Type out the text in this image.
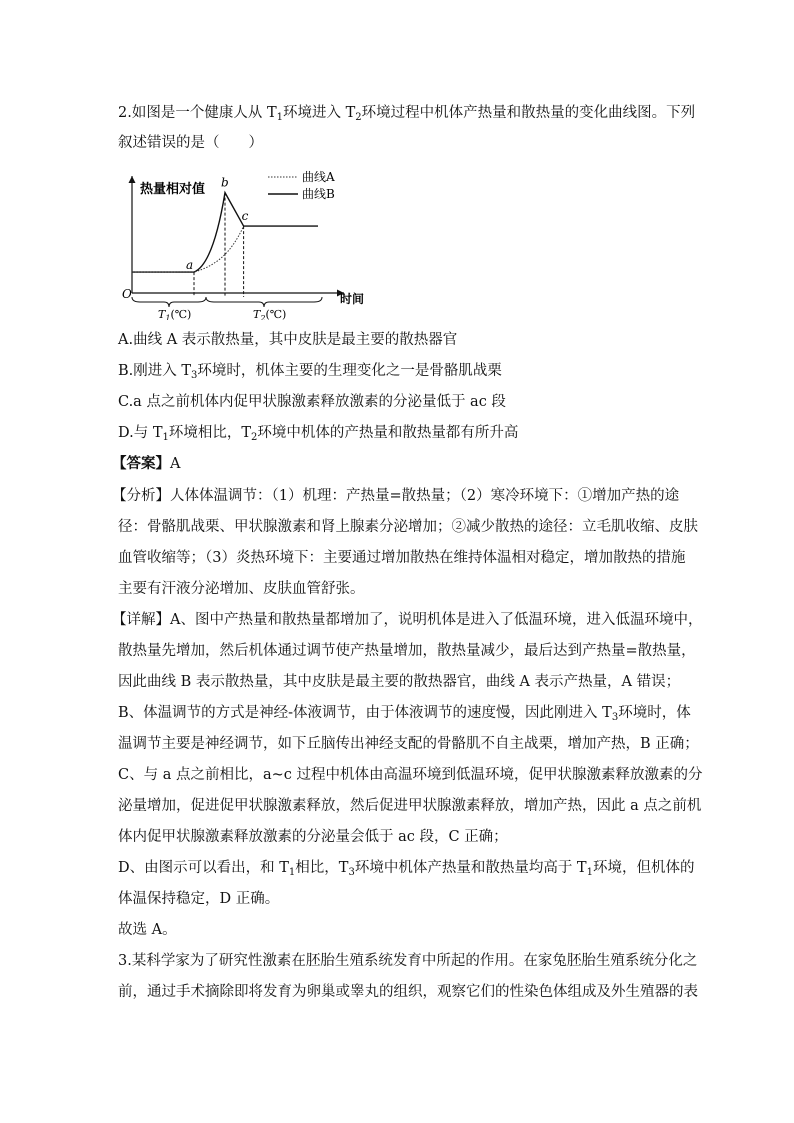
2.如图是一个健康人从 $T_1$环境进入 $T_2$环境过程中机体产热量和散热量的变化曲线图。下列
叙述错误的是（　　）
热量相对值
时间
O
a
b
c
曲线A
曲线B
$T_1(℃)$	$T_2(℃)$
A.曲线 A 表示散热量，其中皮肤是最主要的散热器官
B.刚进入 $T_3$环境时，机体主要的生理变化之一是骨骼肌战栗
C.a 点之前机体内促甲状腺激素释放激素的分泌量低于 ac 段
D.与 $T_1$环境相比，$T_2$环境中机体的产热量和散热量都有所升高
【答案】A
【分析】人体体温调节：（1）机理：产热量=散热量；（2）寒冷环境下：①增加产热的途
径：骨骼肌战栗、甲状腺激素和肾上腺素分泌增加；②减少散热的途径：立毛肌收缩、皮肤
血管收缩等；（3）炎热环境下：主要通过增加散热在维持体温相对稳定，增加散热的措施
主要有汗液分泌增加、皮肤血管舒张。
【详解】A、图中产热量和散热量都增加了，说明机体是进入了低温环境，进入低温环境中，
散热量先增加，然后机体通过调节使产热量增加，散热量减少，最后达到产热量=散热量，
因此曲线 B 表示散热量，其中皮肤是最主要的散热器官，曲线 A 表示产热量，A 错误；
B、体温调节的方式是神经-体液调节，由于体液调节的速度慢，因此刚进入 $T_3$环境时，体
温调节主要是神经调节，如下丘脑传出神经支配的骨骼肌不自主战栗，增加产热，B 正确；
C、与 a 点之前相比，a~c 过程中机体由高温环境到低温环境，促甲状腺激素释放激素的分
泌量增加，促进促甲状腺激素释放，然后促进甲状腺激素释放，增加产热，因此 a 点之前机
体内促甲状腺激素释放激素的分泌量会低于 ac 段，C 正确；
D、由图示可以看出，和 $T_1$相比，$T_3$环境中机体产热量和散热量均高于 $T_1$环境，但机体的
体温保持稳定，D 正确。
故选 A。
3.某科学家为了研究性激素在胚胎生殖系统发育中所起的作用。在家兔胚胎生殖系统分化之
前，通过手术摘除即将发育为卵巢或睾丸的组织，观察它们的性染色体组成及外生殖器的表
